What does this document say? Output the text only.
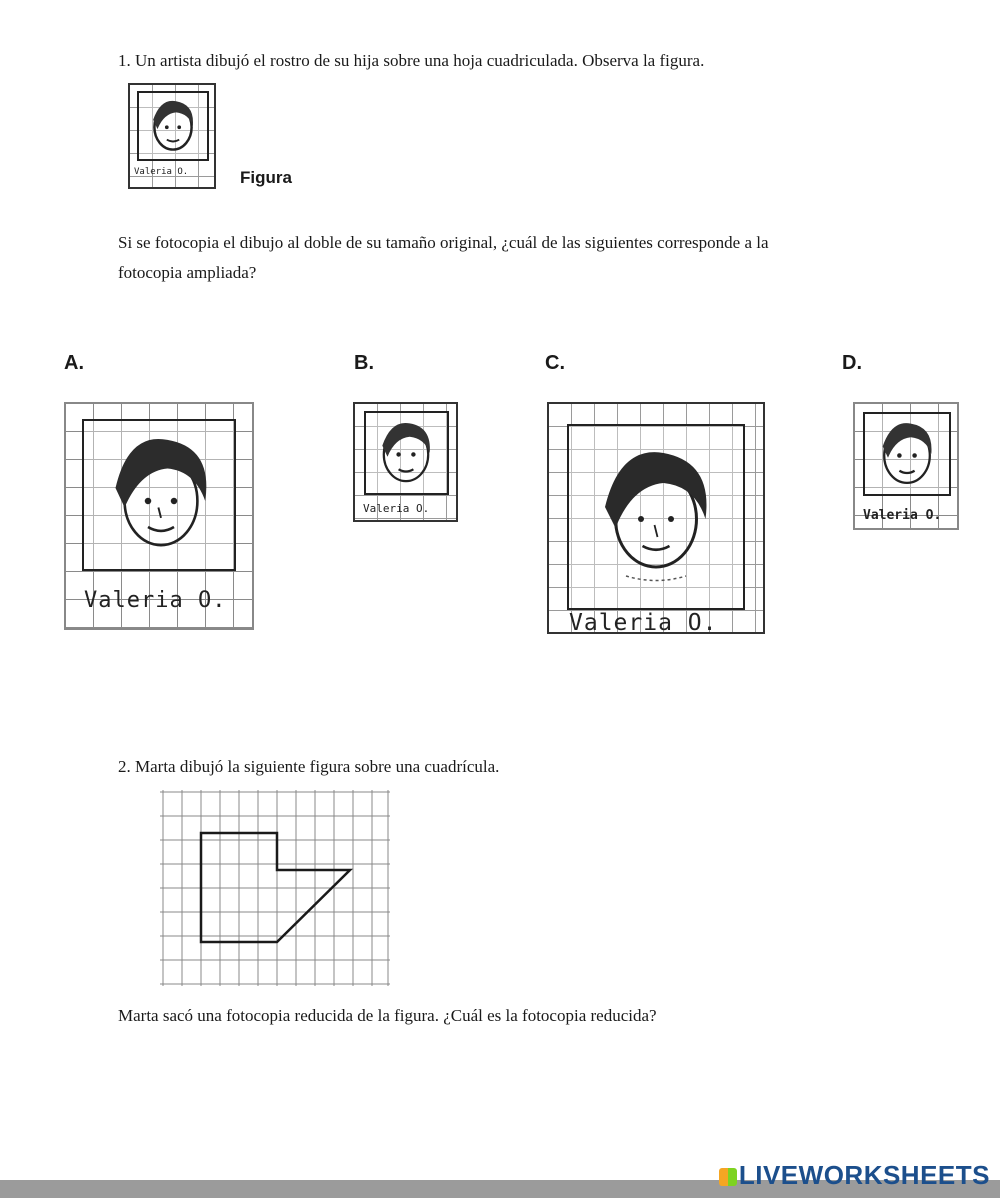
1. Un artista dibujó el rostro de su hija sobre una hoja cuadriculada. Observa la figura.
Valeria O.	Figura
Si se fotocopia el dibujo al doble de su tamaño original, ¿cuál de las siguientes corresponde a la
fotocopia ampliada?
A.	B.	C.	D.
Valeria O.
Valeria O.
Valeria O.
Valeria O.
2. Marta dibujó la siguiente figura sobre una cuadrícula.
Marta sacó una fotocopia reducida de la figura. ¿Cuál es la fotocopia reducida?
LIVEWORKSHEETS
